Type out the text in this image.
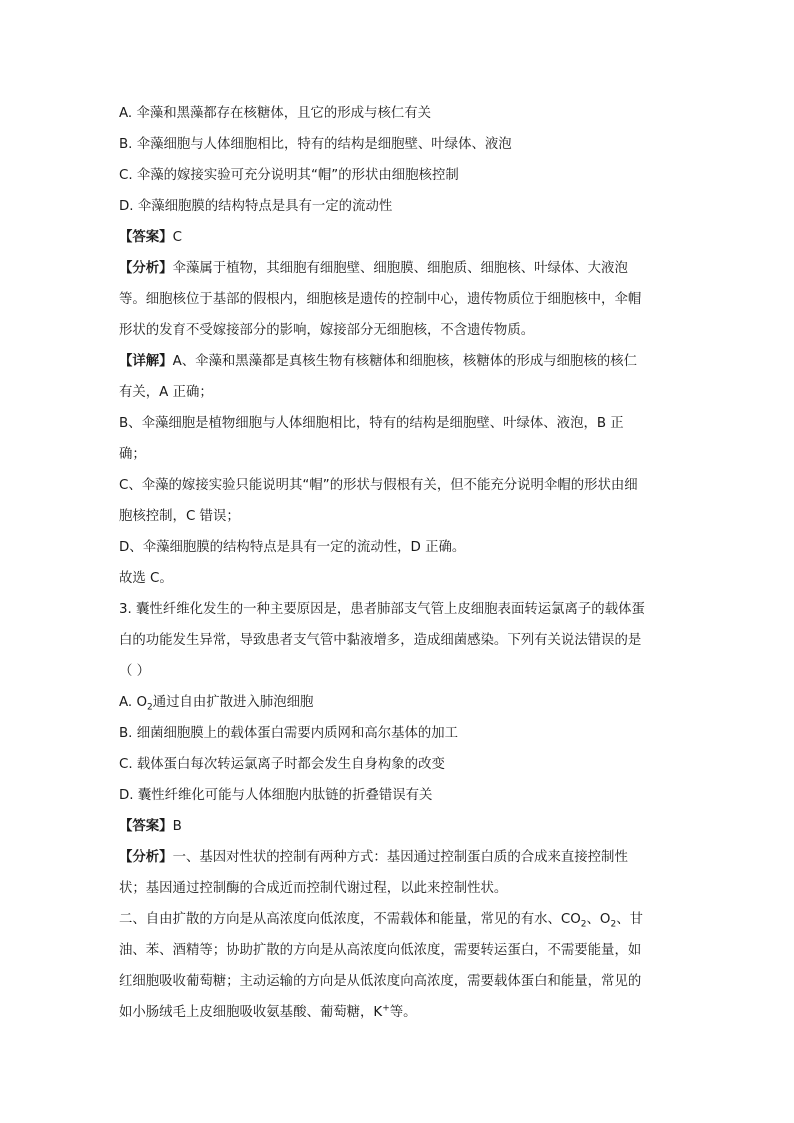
A. 伞藻和黑藻都存在核糖体，且它的形成与核仁有关
B. 伞藻细胞与人体细胞相比，特有的结构是细胞壁、叶绿体、液泡
C. 伞藻的嫁接实验可充分说明其“帽”的形状由细胞核控制
D. 伞藻细胞膜的结构特点是具有一定的流动性
【答案】C
【分析】伞藻属于植物，其细胞有细胞壁、细胞膜、细胞质、细胞核、叶绿体、大液泡
等。细胞核位于基部的假根内，细胞核是遗传的控制中心，遗传物质位于细胞核中，伞帽
形状的发育不受嫁接部分的影响，嫁接部分无细胞核，不含遗传物质。
【详解】A、伞藻和黑藻都是真核生物有核糖体和细胞核，核糖体的形成与细胞核的核仁
有关，A 正确；
B、伞藻细胞是植物细胞与人体细胞相比，特有的结构是细胞壁、叶绿体、液泡，B 正
确；
C、伞藻的嫁接实验只能说明其“帽”的形状与假根有关，但不能充分说明伞帽的形状由细
胞核控制，C 错误；
D、伞藻细胞膜的结构特点是具有一定的流动性，D 正确。
故选 C。
3. 囊性纤维化发生的一种主要原因是，患者肺部支气管上皮细胞表面转运氯离子的载体蛋
白的功能发生异常，导致患者支气管中黏液增多，造成细菌感染。下列有关说法错误的是
（ ）
A. $O_2$通过自由扩散进入肺泡细胞
B. 细菌细胞膜上的载体蛋白需要内质网和高尔基体的加工
C. 载体蛋白每次转运氯离子时都会发生自身构象的改变
D. 囊性纤维化可能与人体细胞内肽链的折叠错误有关
【答案】B
【分析】一、基因对性状的控制有两种方式：基因通过控制蛋白质的合成来直接控制性
状；基因通过控制酶的合成近而控制代谢过程，以此来控制性状。
二、自由扩散的方向是从高浓度向低浓度，不需载体和能量，常见的有水、$CO_2$、$O_2$、甘
油、苯、酒精等；协助扩散的方向是从高浓度向低浓度，需要转运蛋白，不需要能量，如
红细胞吸收葡萄糖；主动运输的方向是从低浓度向高浓度，需要载体蛋白和能量，常见的
如小肠绒毛上皮细胞吸收氨基酸、葡萄糖，K+等。
